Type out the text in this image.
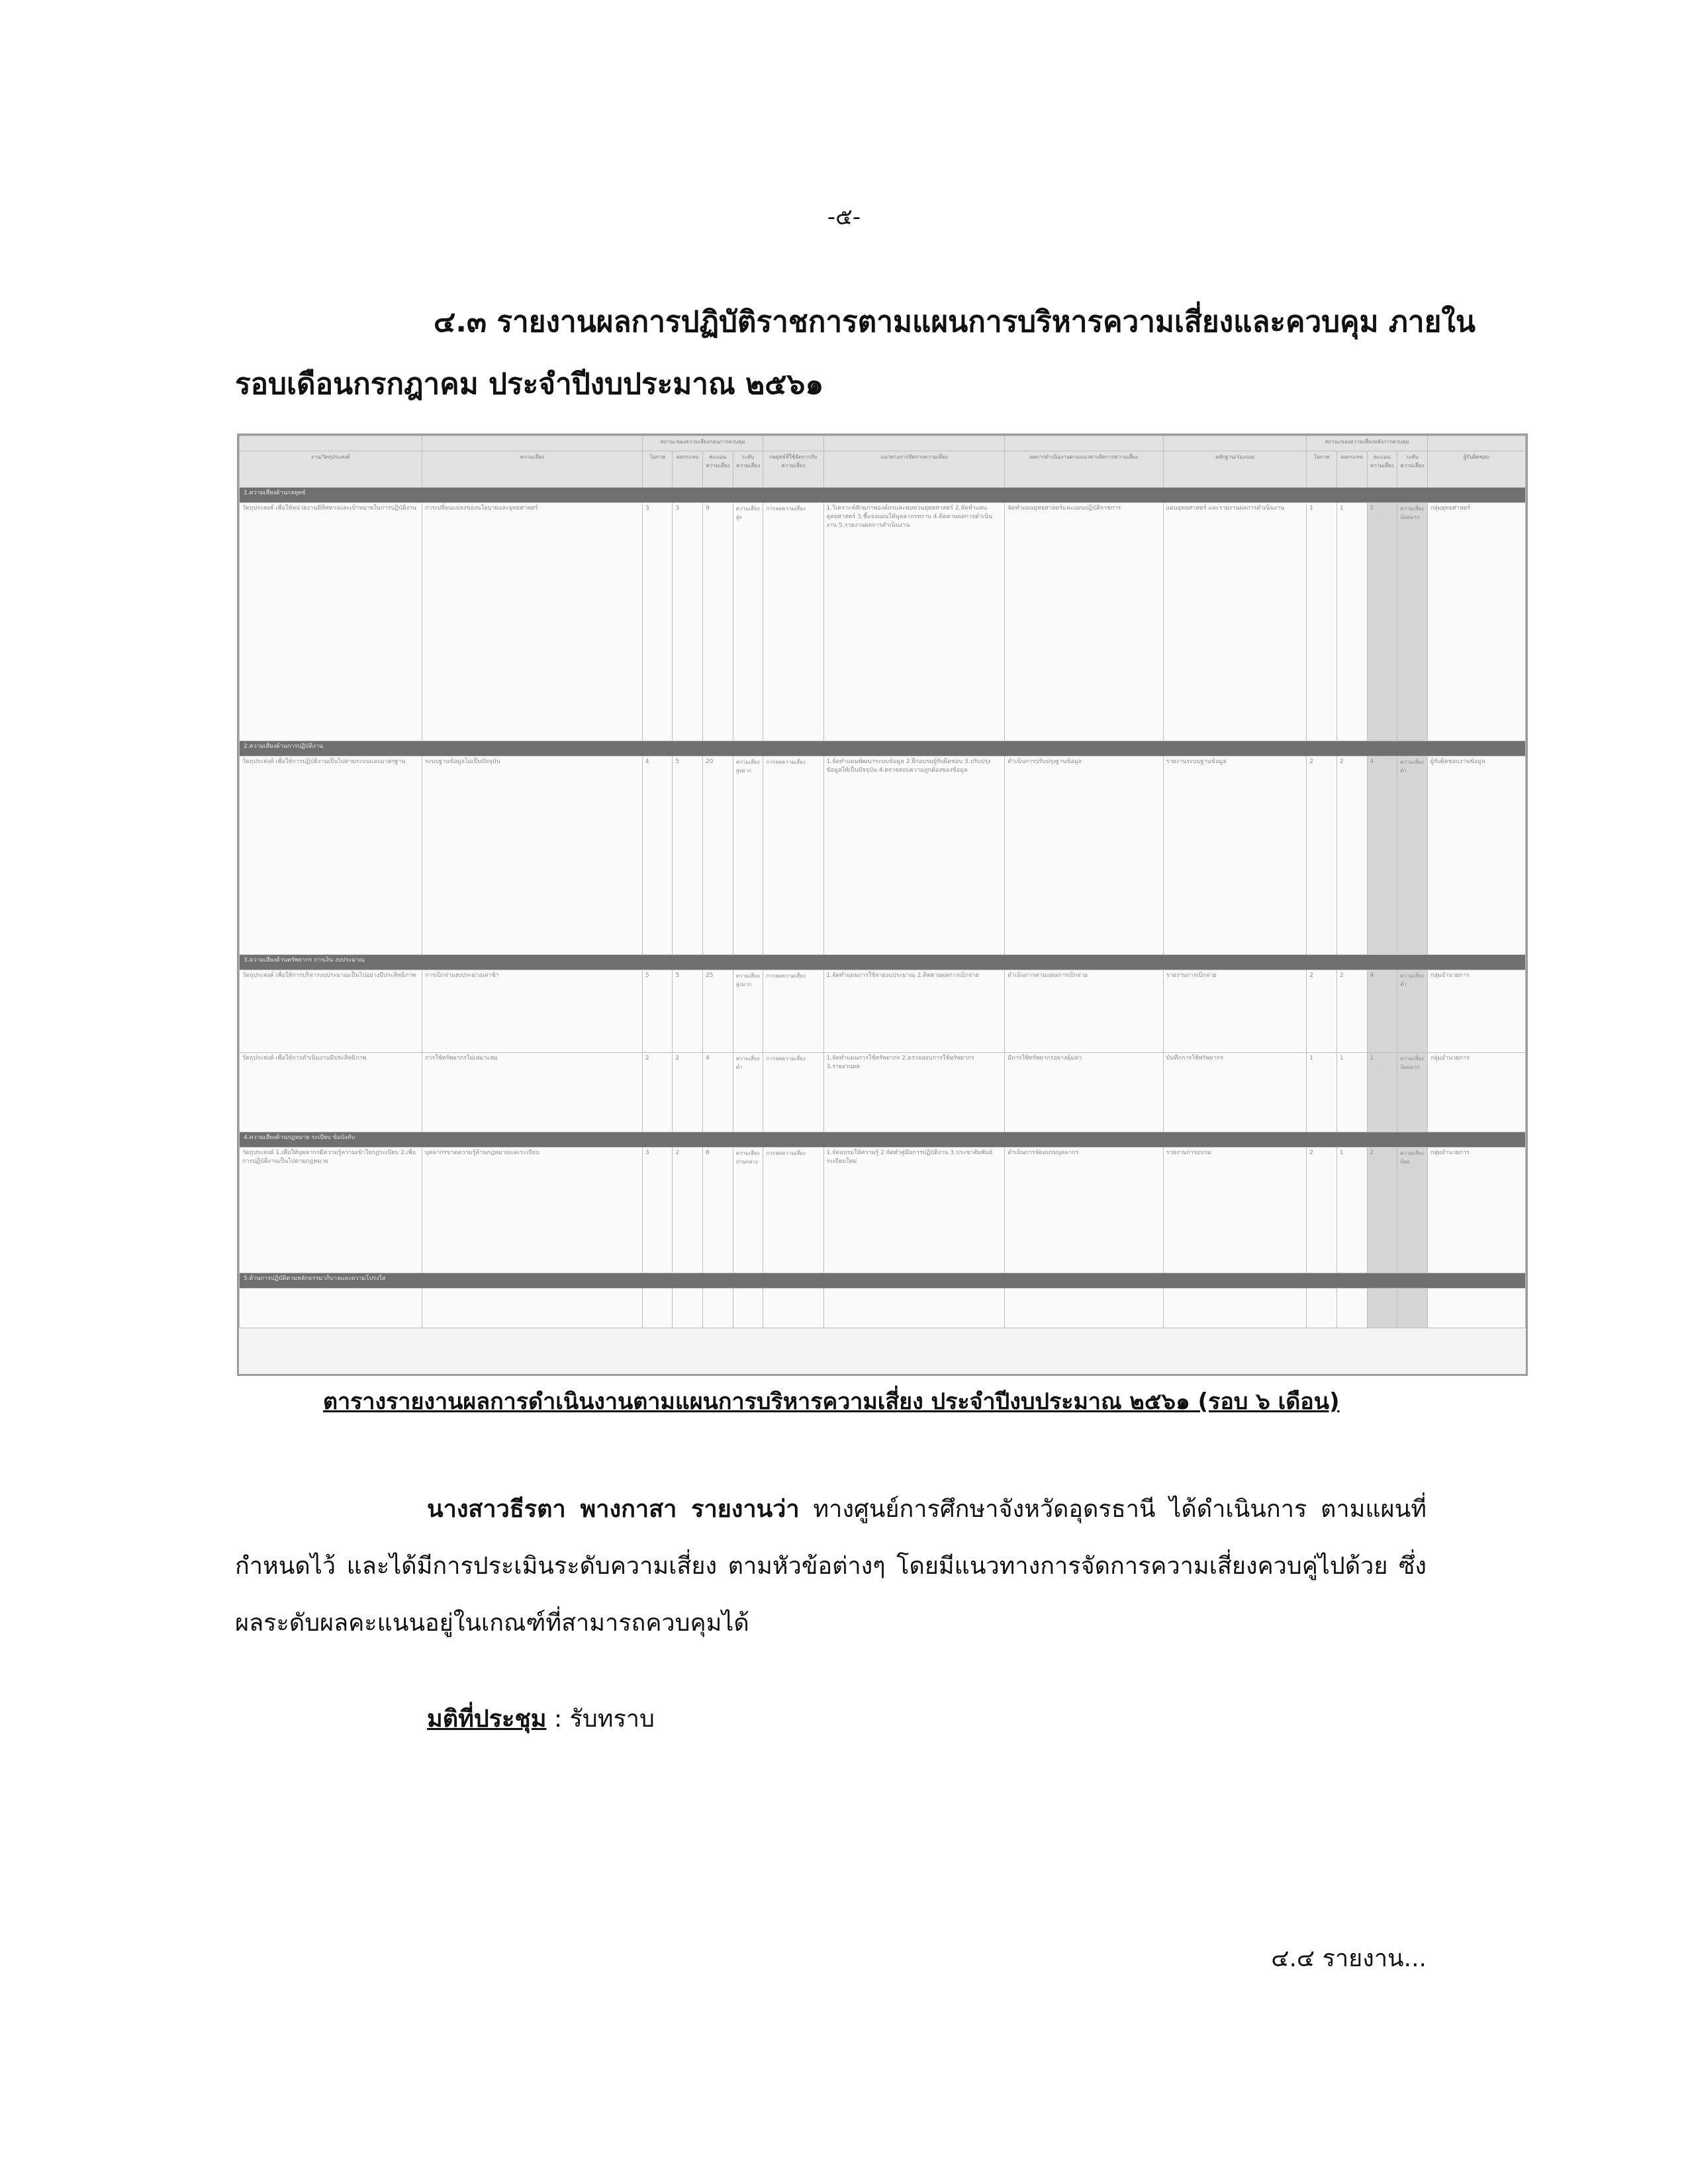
-๕-
๔.๓ รายงานผลการปฏิบัติราชการตามแผนการบริหารความเสี่ยงและควบคุม ภายใน
รอบเดือนกรกฎาคม ประจำปีงบประมาณ ๒๕๖๑
		สถานะของความเสี่ยงก่อนการควบคุม								สถานะของความเสี่ยงหลังการควบคุม				
งาน/วัตถุประสงค์	ความเสี่ยง	โอกาส	ผลกระทบ	คะแนนความเสี่ยง	ระดับความเสี่ยง	กลยุทธ์ที่ใช้จัดการกับความเสี่ยง	แนวทางการจัดการความเสี่ยง	ผลการดำเนินงานตามแนวทางจัดการความเสี่ยง	หลักฐาน/ร่องรอย	โอกาส	ผลกระทบ	คะแนนความเสี่ยง	ระดับความเสี่ยง	ผู้รับผิดชอบ
1.ความเสี่ยงด้านกลยุทธ์														
วัตถุประสงค์ เพื่อให้หน่วยงานมีทิศทางและเป้าหมายในการปฏิบัติงาน	การเปลี่ยนแปลงของนโยบายและยุทธศาสตร์	3	3	9	ความเสี่ยงสูง	การลดความเสี่ยง	1.วิเคราะห์ศักยภาพองค์กรและทบทวนยุทธศาสตร์ 2.จัดทำแผนยุทธศาสตร์ 3.ชี้แจงแผนให้บุคลากรทราบ 4.ติดตามผลการดำเนินงาน 5.รายงานผลการดำเนินงาน	จัดทำแผนยุทธศาสตร์และแผนปฏิบัติราชการ	แผนยุทธศาสตร์ และรายงานผลการดำเนินงาน	1	1	1	ความเสี่ยงน้อยมาก	กลุ่มยุทธศาสตร์
2.ความเสี่ยงด้านการปฏิบัติงาน														
วัตถุประสงค์ เพื่อให้การปฏิบัติงานเป็นไปตามระบบและมาตรฐาน	ระบบฐานข้อมูลไม่เป็นปัจจุบัน	4	5	20	ความเสี่ยงสูงมาก	การลดความเสี่ยง	1.จัดทำแผนพัฒนาระบบข้อมูล 2.ฝึกอบรมผู้รับผิดชอบ 3.ปรับปรุงข้อมูลให้เป็นปัจจุบัน 4.ตรวจสอบความถูกต้องของข้อมูล	ดำเนินการปรับปรุงฐานข้อมูล	รายงานระบบฐานข้อมูล	2	2	4	ความเสี่ยงต่ำ	ผู้รับผิดชอบงานข้อมูล
3.ความเสี่ยงด้านทรัพยากร การเงิน งบประมาณ														
วัตถุประสงค์ เพื่อให้การบริหารงบประมาณเป็นไปอย่างมีประสิทธิภาพ	การเบิกจ่ายงบประมาณล่าช้า	5	5	25	ความเสี่ยงสูงมาก	การลดความเสี่ยง	1.จัดทำแผนการใช้จ่ายงบประมาณ 2.ติดตามผลการเบิกจ่าย	ดำเนินการตามแผนการเบิกจ่าย	รายงานการเบิกจ่าย	2	2	4	ความเสี่ยงต่ำ	กลุ่มอำนวยการ
วัตถุประสงค์ เพื่อให้การดำเนินงานมีประสิทธิภาพ	การใช้ทรัพยากรไม่เหมาะสม	2	2	4	ความเสี่ยงต่ำ	การลดความเสี่ยง	1.จัดทำแผนการใช้ทรัพยากร 2.ตรวจสอบการใช้ทรัพยากร 3.รายงานผล	มีการใช้ทรัพยากรอย่างคุ้มค่า	บันทึกการใช้ทรัพยากร	1	1	1	ความเสี่ยงน้อยมาก	กลุ่มอำนวยการ
4.ความเสี่ยงด้านกฎหมาย ระเบียบ ข้อบังคับ														
วัตถุประสงค์ 1.เพื่อให้บุคลากรมีความรู้ความเข้าใจกฎระเบียบ 2.เพื่อการปฏิบัติงานเป็นไปตามกฎหมาย	บุคลากรขาดความรู้ด้านกฎหมายและระเบียบ	3	2	6	ความเสี่ยงปานกลาง	การลดความเสี่ยง	1.จัดอบรมให้ความรู้ 2.จัดทำคู่มือการปฏิบัติงาน 3.ประชาสัมพันธ์ระเบียบใหม่	ดำเนินการจัดอบรมบุคลากร	รายงานการอบรม	2	1	2	ความเสี่ยงน้อย	กลุ่มอำนวยการ
5.ด้านการปฏิบัติตามหลักธรรมาภิบาลและความโปร่งใส														

ตารางรายงานผลการดำเนินงานตามแผนการบริหารความเสี่ยง ประจำปีงบประมาณ ๒๕๖๑ (รอบ ๖ เดือน)
นางสาวธีรตา พางกาสา รายงานว่า ทางศูนย์การศึกษาจังหวัดอุดรธานี ได้ดำเนินการ ตามแผนที่กำหนดไว้ และได้มีการประเมินระดับความเสี่ยง ตามหัวข้อต่างๆ โดยมีแนวทางการจัดการความเสี่ยงควบคู่ไปด้วย ซึ่งผลระดับผลคะแนนอยู่ในเกณฑ์ที่สามารถควบคุมได้
มติที่ประชุม : รับทราบ
๔.๔ รายงาน...
